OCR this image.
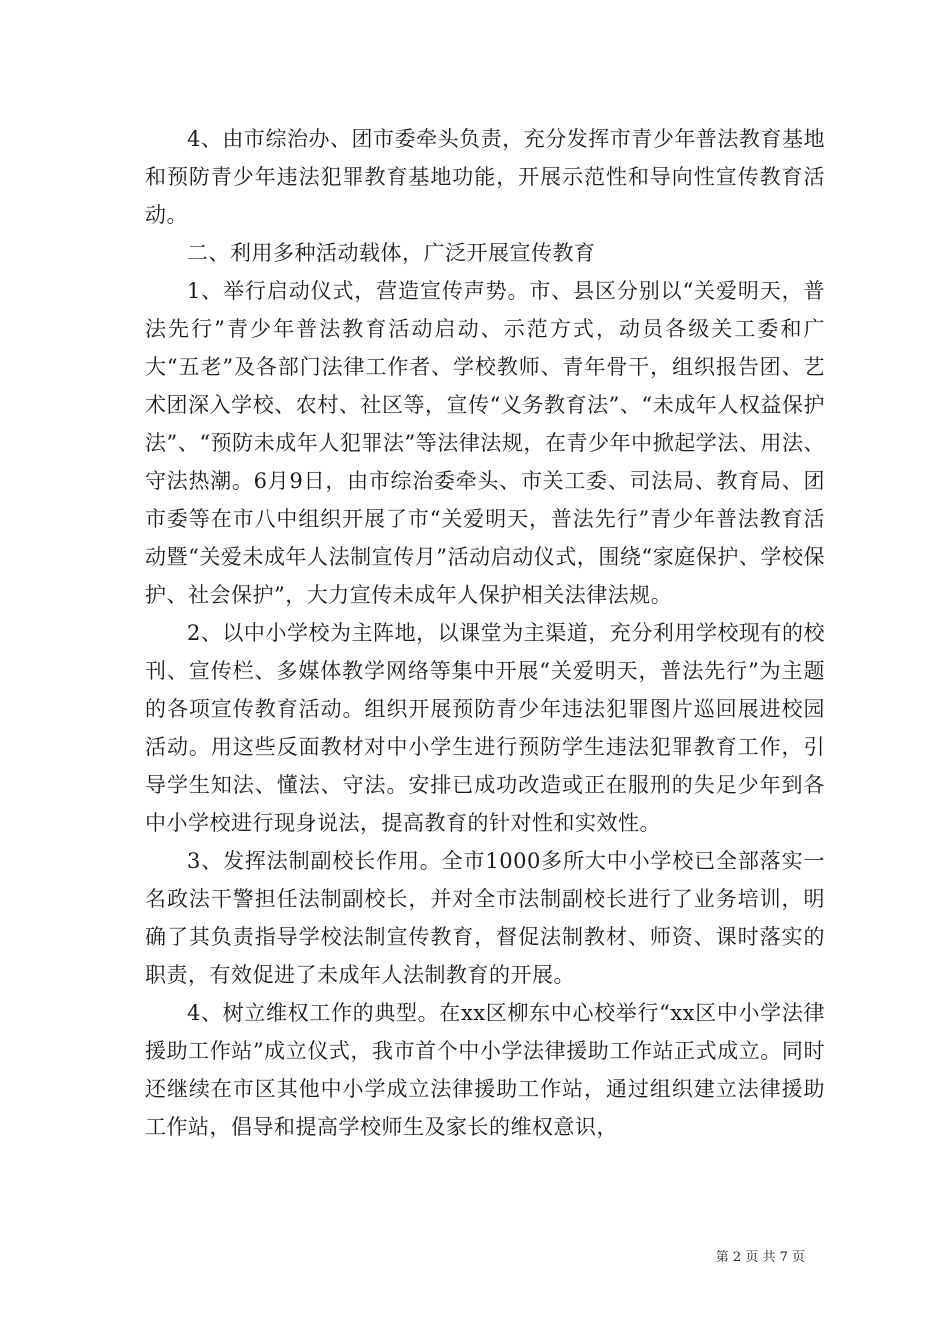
4、由市综治办、团市委牵头负责，充分发挥市青少年普法教育基地和预防青少年违法犯罪教育基地功能，开展示范性和导向性宣传教育活动。

二、利用多种活动载体，广泛开展宣传教育

1、举行启动仪式，营造宣传声势。市、县区分别以“关爱明天，普法先行”青少年普法教育活动启动、示范方式，动员各级关工委和广大“五老”及各部门法律工作者、学校教师、青年骨干，组织报告团、艺术团深入学校、农村、社区等，宣传“义务教育法”、“未成年人权益保护法”、“预防未成年人犯罪法”等法律法规，在青少年中掀起学法、用法、守法热潮。6月9日，由市综治委牵头、市关工委、司法局、教育局、团市委等在市八中组织开展了市“关爱明天，普法先行”青少年普法教育活动暨“关爱未成年人法制宣传月”活动启动仪式，围绕“家庭保护、学校保护、社会保护”，大力宣传未成年人保护相关法律法规。

2、以中小学校为主阵地，以课堂为主渠道，充分利用学校现有的校刊、宣传栏、多媒体教学网络等集中开展“关爱明天，普法先行”为主题的各项宣传教育活动。组织开展预防青少年违法犯罪图片巡回展进校园活动。用这些反面教材对中小学生进行预防学生违法犯罪教育工作，引导学生知法、懂法、守法。安排已成功改造或正在服刑的失足少年到各中小学校进行现身说法，提高教育的针对性和实效性。

3、发挥法制副校长作用。全市1000多所大中小学校已全部落实一名政法干警担任法制副校长，并对全市法制副校长进行了业务培训，明确了其负责指导学校法制宣传教育，督促法制教材、师资、课时落实的职责，有效促进了未成年人法制教育的开展。

4、树立维权工作的典型。在xx区柳东中心校举行“xx区中小学法律援助工作站”成立仪式，我市首个中小学法律援助工作站正式成立。同时还继续在市区其他中小学成立法律援助工作站，通过组织建立法律援助工作站，倡导和提高学校师生及家长的维权意识，

第 2 页 共 7 页
